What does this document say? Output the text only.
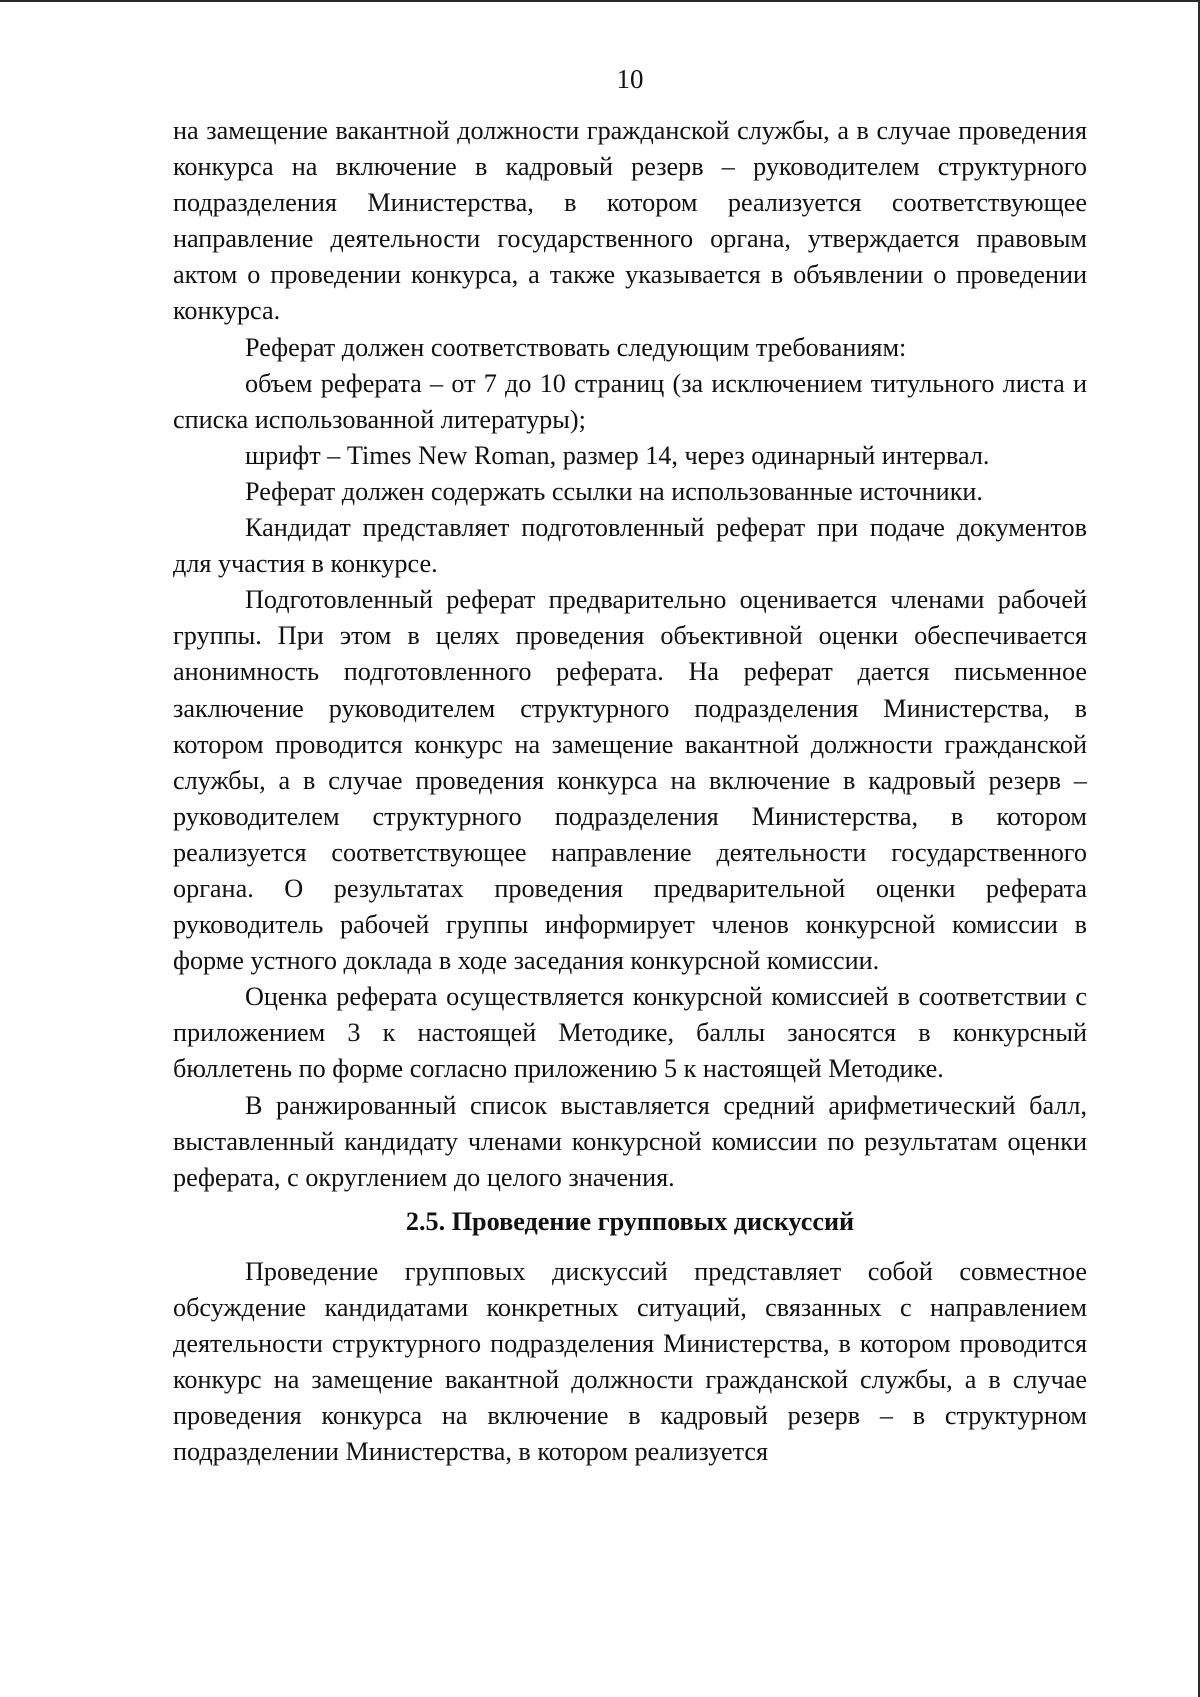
10

на замещение вакантной должности гражданской службы, а в случае проведения конкурса на включение в кадровый резерв – руководителем структурного подразделения Министерства, в котором реализуется соответствующее направление деятельности государственного органа, утверждается правовым актом о проведении конкурса, а также указывается в объявлении о проведении конкурса.

Реферат должен соответствовать следующим требованиям:

объем реферата – от 7 до 10 страниц (за исключением титульного листа и списка использованной литературы);

шрифт – Times New Roman, размер 14, через одинарный интервал.

Реферат должен содержать ссылки на использованные источники.

Кандидат представляет подготовленный реферат при подаче документов для участия в конкурсе.

Подготовленный реферат предварительно оценивается членами рабочей группы. При этом в целях проведения объективной оценки обеспечивается анонимность подготовленного реферата. На реферат дается письменное заключение руководителем структурного подразделения Министерства, в котором проводится конкурс на замещение вакантной должности гражданской службы, а в случае проведения конкурса на включение в кадровый резерв – руководителем структурного подразделения Министерства, в котором реализуется соответствующее направление деятельности государственного органа. О результатах проведения предварительной оценки реферата руководитель рабочей группы информирует членов конкурсной комиссии в форме устного доклада в ходе заседания конкурсной комиссии.

Оценка реферата осуществляется конкурсной комиссией в соответствии с приложением 3 к настоящей Методике, баллы заносятся в конкурсный бюллетень по форме согласно приложению 5 к настоящей Методике.

В ранжированный список выставляется средний арифметический балл, выставленный кандидату членами конкурсной комиссии по результатам оценки реферата, с округлением до целого значения.

2.5. Проведение групповых дискуссий

Проведение групповых дискуссий представляет собой совместное обсуждение кандидатами конкретных ситуаций, связанных с направлением деятельности структурного подразделения Министерства, в котором проводится конкурс на замещение вакантной должности гражданской службы, а в случае проведения конкурса на включение в кадровый резерв – в структурном подразделении Министерства, в котором реализуется
